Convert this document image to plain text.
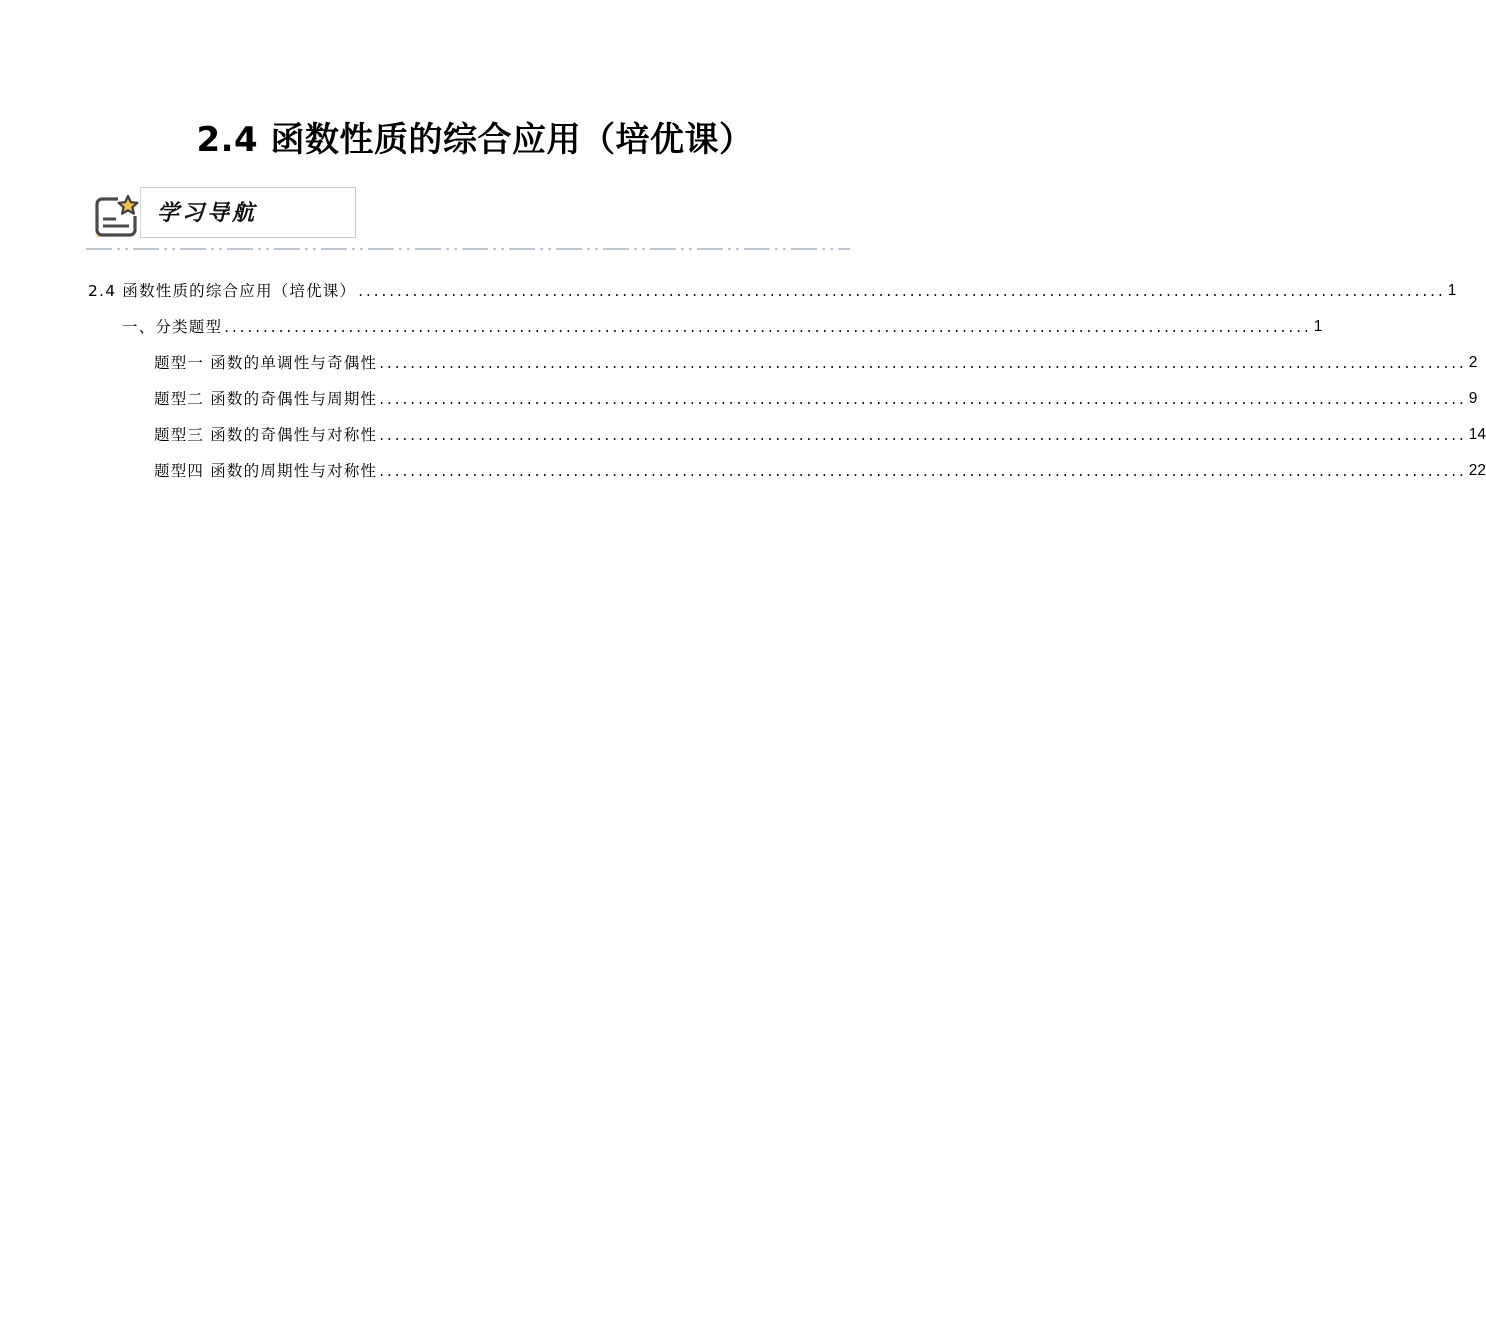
2.4 函数性质的综合应用（培优课）
学习导航
2.4 函数性质的综合应用（培优课） ............................................................................................................................................ 1
一、分类题型 ............................................................................................................................................ 1
题型一 函数的单调性与奇偶性 ............................................................................................................................................ 2
题型二 函数的奇偶性与周期性 ............................................................................................................................................ 9
题型三 函数的奇偶性与对称性 ............................................................................................................................................ 14
题型四 函数的周期性与对称性 ............................................................................................................................................ 22
